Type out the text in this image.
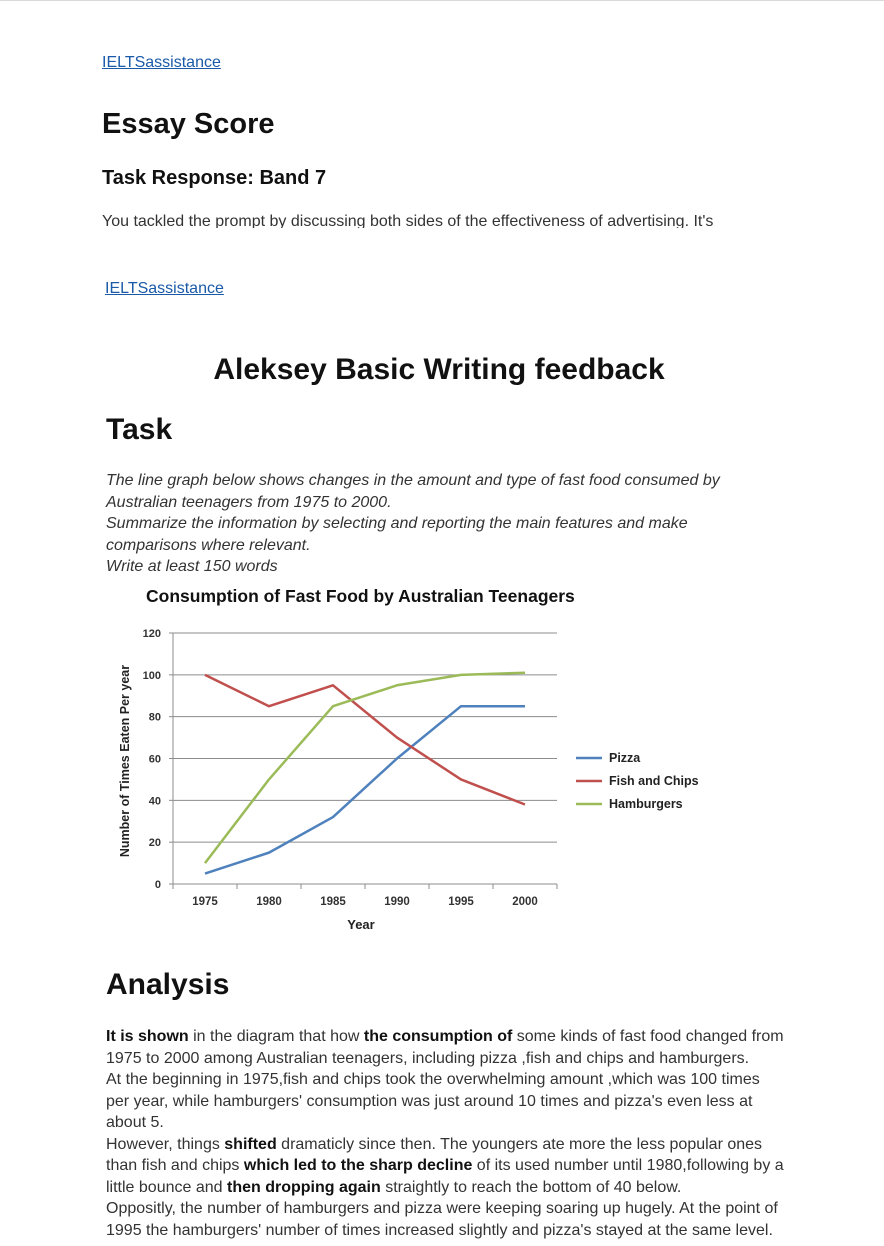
IELTSassistance
Essay Score
Task Response: Band 7
You tackled the prompt by discussing both sides of the effectiveness of advertising. It's
IELTSassistance
Aleksey Basic Writing feedback
Task
The line graph below shows changes in the amount and type of fast food consumed by
Australian teenagers from 1975 to 2000.
Summarize the information by selecting and reporting the main features and make
comparisons where relevant.
Write at least 150 words
Consumption of Fast Food by Australian Teenagers
0
20
40
60
80
100
120
1975	1980	1985	1990	1995	2000
Pizza
Fish and Chips
Hamburgers
Year
Number of Times Eaten Per year
Analysis
It is shown in the diagram that how the consumption of some kinds of fast food changed from 1975 to 2000 among Australian teenagers, including pizza ,fish and chips and hamburgers.
At the beginning in 1975,fish and chips took the overwhelming amount ,which was 100 times per year, while hamburgers' consumption was just around 10 times and pizza's even less at about 5.
However, things shifted dramaticly since then. The youngers ate more the less popular ones than fish and chips which led to the sharp decline of its used number until 1980,following by a little bounce and then dropping again straightly to reach the bottom of 40 below.
Oppositly, the number of hamburgers and pizza were keeping soaring up hugely. At the point of 1995 the hamburgers' number of times increased slightly and pizza's stayed at the same level.
